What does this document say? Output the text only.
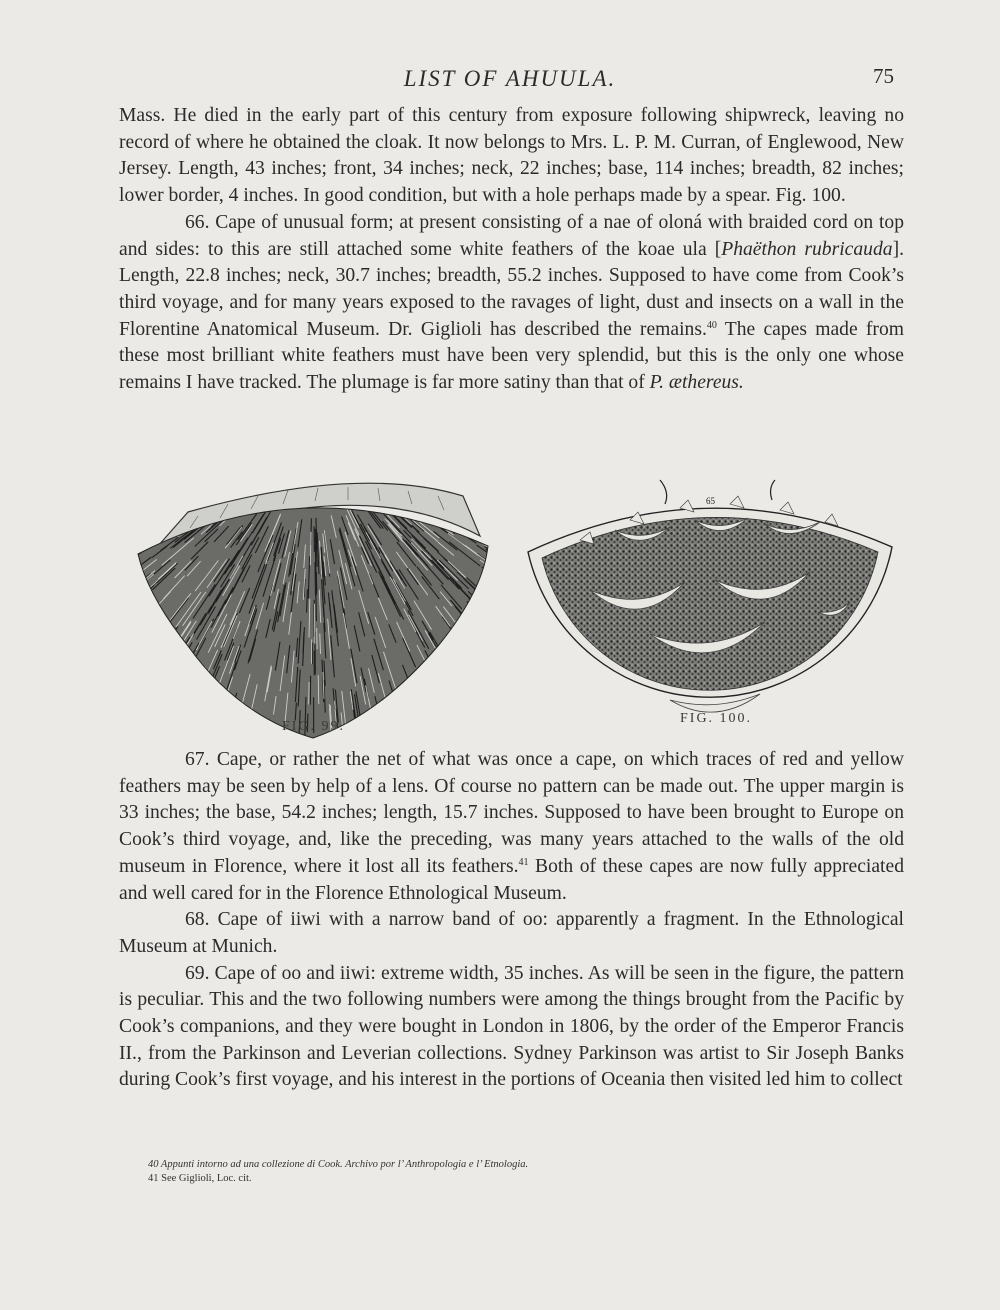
LIST OF AHUULA.	75

Mass. He died in the early part of this century from exposure following shipwreck, leaving no record of where he obtained the cloak. It now belongs to Mrs. L. P. M. Curran, of Englewood, New Jersey. Length, 43 inches; front, 34 inches; neck, 22 inches; base, 114 inches; breadth, 82 inches; lower border, 4 inches. In good condition, but with a hole perhaps made by a spear. Fig. 100.

66. Cape of unusual form; at present consisting of a nae of oloná with braided cord on top and sides: to this are still attached some white feathers of the koae ula [Phaëthon rubricauda]. Length, 22.8 inches; neck, 30.7 inches; breadth, 55.2 inches. Supposed to have come from Cook’s third voyage, and for many years exposed to the ravages of light, dust and insects on a wall in the Florentine Anatomical Museum. Dr. Giglioli has described the remains.$^{40}$ The capes made from these most brilliant white feathers must have been very splendid, but this is the only one whose remains I have tracked. The plumage is far more satiny than that of P. æthereus.

65
FIG. 99.
FIG. 100.

67. Cape, or rather the net of what was once a cape, on which traces of red and yellow feathers may be seen by help of a lens. Of course no pattern can be made out. The upper margin is 33 inches; the base, 54.2 inches; length, 15.7 inches. Supposed to have been brought to Europe on Cook’s third voyage, and, like the preceding, was many years attached to the walls of the old museum in Florence, where it lost all its feathers.$^{41}$ Both of these capes are now fully appreciated and well cared for in the Florence Ethnological Museum.

68. Cape of iiwi with a narrow band of oo: apparently a fragment. In the Ethnological Museum at Munich.

69. Cape of oo and iiwi: extreme width, 35 inches. As will be seen in the figure, the pattern is peculiar. This and the two following numbers were among the things brought from the Pacific by Cook’s companions, and they were bought in London in 1806, by the order of the Emperor Francis II., from the Parkinson and Leverian collections. Sydney Parkinson was artist to Sir Joseph Banks during Cook’s first voyage, and his interest in the portions of Oceania then visited led him to collect

40 Appunti intorno ad una collezione di Cook. Archivo por l’ Anthropologia e l’ Etnologia.
41 See Giglioli, Loc. cit.
